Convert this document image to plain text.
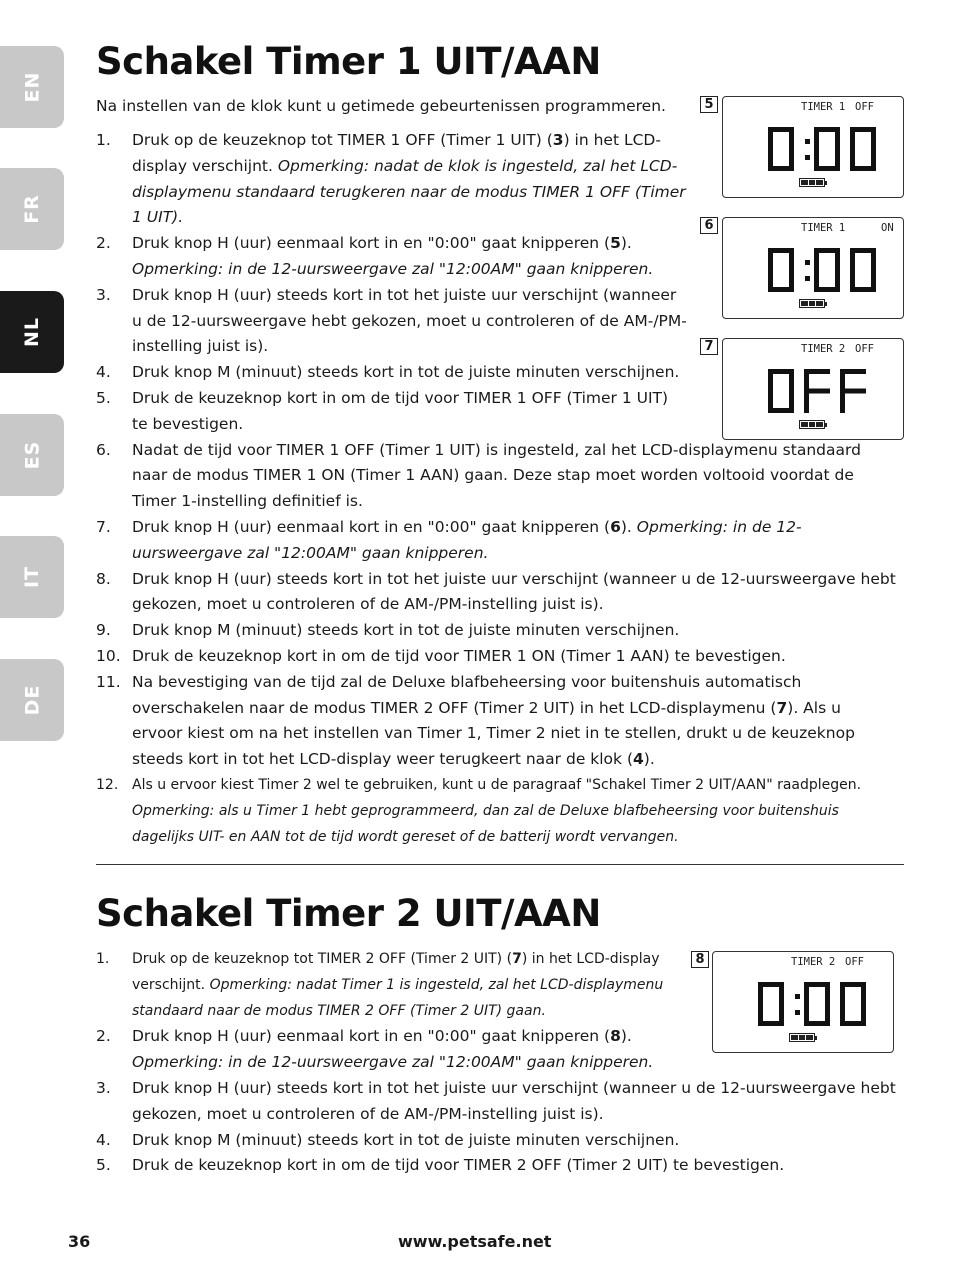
EN
FR
NL
ES
IT
DE
Schakel Timer 1 UIT/AAN

Na instellen van de klok kunt u getimede gebeurtenissen programmeren.

1.	Druk op de keuzeknop tot TIMER 1 OFF (Timer 1 UIT) (3) in het LCD-display verschijnt. Opmerking: nadat de klok is ingesteld, zal het LCD-displaymenu standaard terugkeren naar de modus TIMER 1 OFF (Timer 1 UIT).
2.	Druk knop H (uur) eenmaal kort in en "0:00" gaat knipperen (5). Opmerking: in de 12-uursweergave zal "12:00AM" gaan knipperen.
3.	Druk knop H (uur) steeds kort in tot het juiste uur verschijnt (wanneer u de 12-uursweergave hebt gekozen, moet u controleren of de AM-/PM-instelling juist is).
4.	Druk knop M (minuut) steeds kort in tot de juiste minuten verschijnen.
5.	Druk de keuzeknop kort in om de tijd voor TIMER 1 OFF (Timer 1 UIT) te bevestigen.
6.	Nadat de tijd voor TIMER 1 OFF (Timer 1 UIT) is ingesteld, zal het LCD-displaymenu standaard naar de modus TIMER 1 ON (Timer 1 AAN) gaan. Deze stap moet worden voltooid voordat de Timer 1-instelling definitief is.
7.	Druk knop H (uur) eenmaal kort in en "0:00" gaat knipperen (6). Opmerking: in de 12-uursweergave zal "12:00AM" gaan knipperen.
8.	Druk knop H (uur) steeds kort in tot het juiste uur verschijnt (wanneer u de 12-uursweergave hebt gekozen, moet u controleren of de AM-/PM-instelling juist is).
9.	Druk knop M (minuut) steeds kort in tot de juiste minuten verschijnen.
10. Druk de keuzeknop kort in om de tijd voor TIMER 1 ON (Timer 1 AAN) te bevestigen.
11. Na bevestiging van de tijd zal de Deluxe blafbeheersing voor buitenshuis automatisch overschakelen naar de modus TIMER 2 OFF (Timer 2 UIT) in het LCD-displaymenu (7). Als u ervoor kiest om na het instellen van Timer 1, Timer 2 niet in te stellen, drukt u de keuzeknop steeds kort in tot het LCD-display weer terugkeert naar de klok (4).
12. Als u ervoor kiest Timer 2 wel te gebruiken, kunt u de paragraaf "Schakel Timer 2 UIT/AAN" raadplegen. Opmerking: als u Timer 1 hebt geprogrammeerd, dan zal de Deluxe blafbeheersing voor buitenshuis dagelijks UIT- en AAN tot de tijd wordt gereset of de batterij wordt vervangen.
Schakel Timer 2 UIT/AAN
1.	Druk op de keuzeknop tot TIMER 2 OFF (Timer 2 UIT) (7) in het LCD-display verschijnt. Opmerking: nadat Timer 1 is ingesteld, zal het LCD-displaymenu standaard naar de modus TIMER 2 OFF (Timer 2 UIT) gaan.
2.	Druk knop H (uur) eenmaal kort in en "0:00" gaat knipperen (8). Opmerking: in de 12-uursweergave zal "12:00AM" gaan knipperen.
3.	Druk knop H (uur) steeds kort in tot het juiste uur verschijnt (wanneer u de 12-uursweergave hebt gekozen, moet u controleren of de AM-/PM-instelling juist is).
4.	Druk knop M (minuut) steeds kort in tot de juiste minuten verschijnen.
5.	Druk de keuzeknop kort in om de tijd voor TIMER 2 OFF (Timer 2 UIT) te bevestigen.
5	TIMER 1 OFF
6	TIMER 1	ON
7	TIMER 2 OFF
8	TIMER 2 OFF
36	www.petsafe.net
